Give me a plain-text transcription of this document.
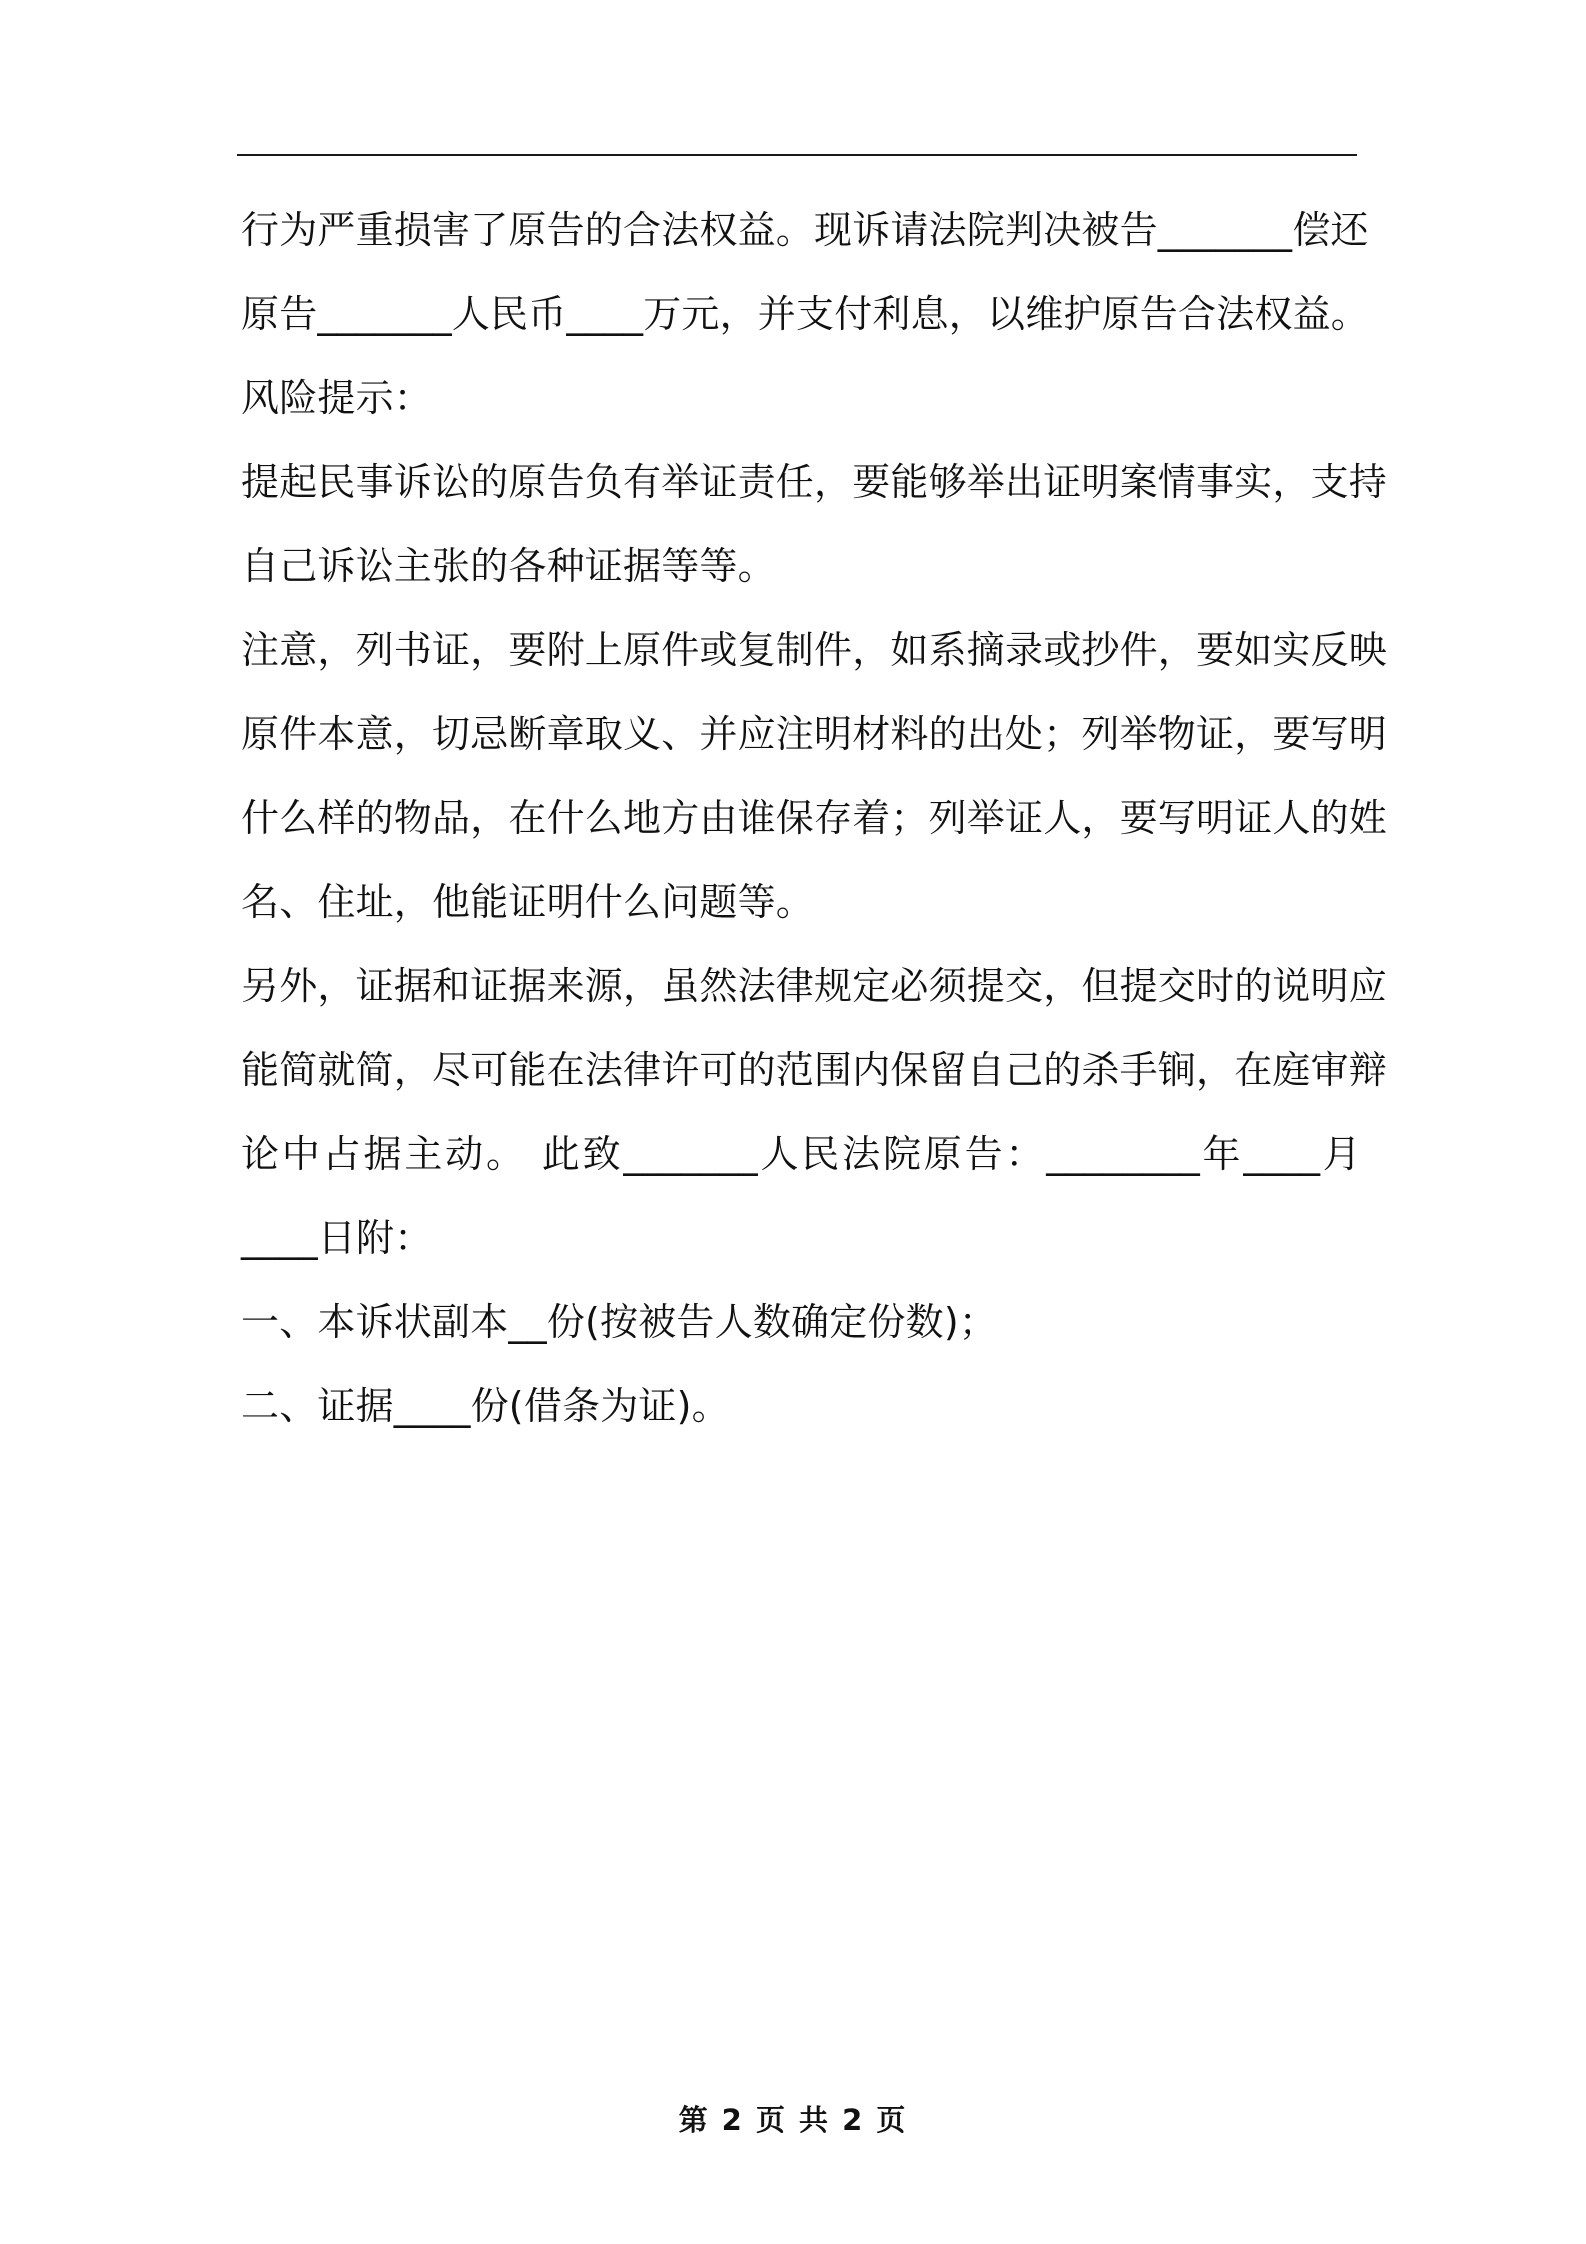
行为严重损害了原告的合法权益。现诉请法院判决被告_______偿还
原告_______人民币____万元，并支付利息，以维护原告合法权益。
风险提示：
提起民事诉讼的原告负有举证责任，要能够举出证明案情事实，支持
自己诉讼主张的各种证据等等。
注意，列书证，要附上原件或复制件，如系摘录或抄件，要如实反映
原件本意，切忌断章取义、并应注明材料的出处；列举物证，要写明
什么样的物品，在什么地方由谁保存着；列举证人，要写明证人的姓
名、住址，他能证明什么问题等。
另外，证据和证据来源，虽然法律规定必须提交，但提交时的说明应
能简就简，尽可能在法律许可的范围内保留自己的杀手锏，在庭审辩
论中占据主动。 此致_______人民法院原告：________年____月
____日附：
一、本诉状副本__份(按被告人数确定份数)；
二、证据____份(借条为证)。
第 2 页 共 2 页
